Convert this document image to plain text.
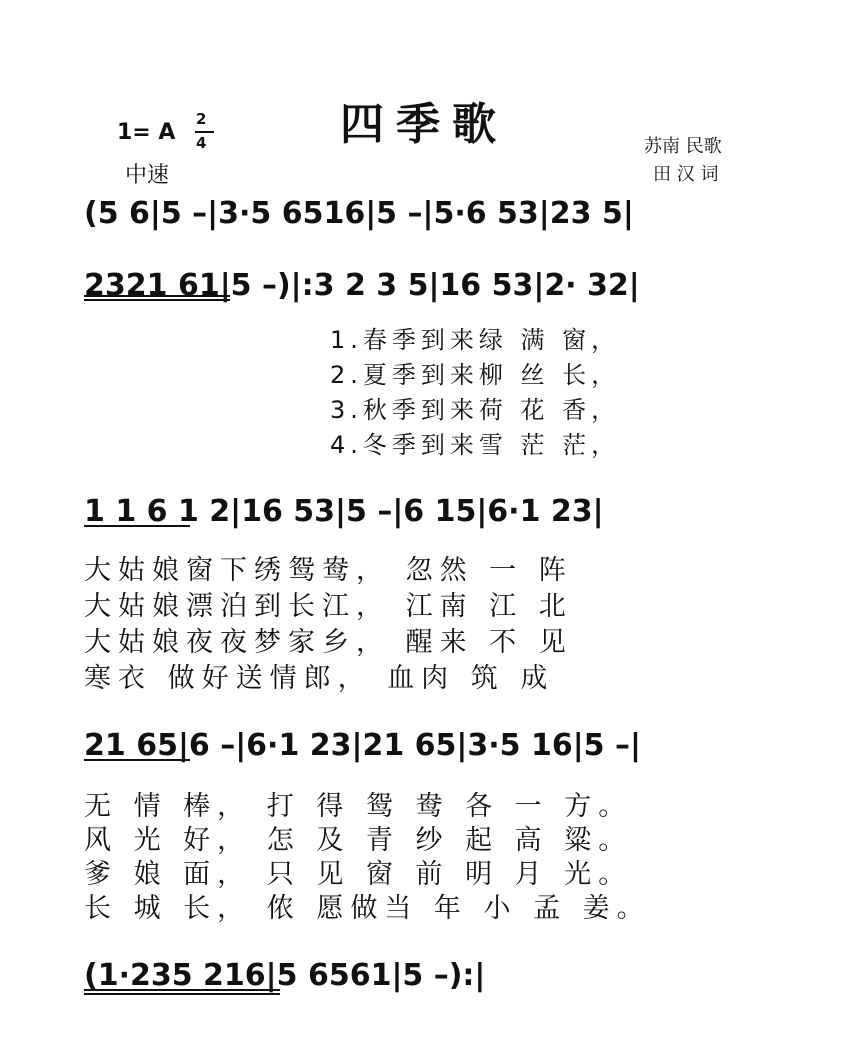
四季歌
1= A
2
4
中速
苏南 民歌
田 汉 词
(5 6|5 –|3·5 6516|5 –|5·6 53|23 5|
2321 61|5 –)|:3 2 3 5|16 53|2· 32|
1.春季到来绿 满 窗，
2.夏季到来柳 丝 长，
3.秋季到来荷 花 香，
4.冬季到来雪 茫 茫，
1 1 6 1 2|16 53|5 –|6 15|6·1 23|
大姑娘窗下绣鸳鸯， 忽然 一 阵
大姑娘漂泊到长江， 江南 江 北
大姑娘夜夜梦家乡， 醒来 不 见
寒衣 做好送情郎， 血肉 筑 成
21 65|6 –|6·1 23|21 65|3·5 16|5 –|
无 情 棒， 打 得 鸳 鸯 各 一 方。
风 光 好， 怎 及 青 纱 起 高 粱。
爹 娘 面， 只 见 窗 前 明 月 光。
长 城 长， 侬 愿做当 年 小 孟 姜。
(1·235 216|5 6561|5 –):|
